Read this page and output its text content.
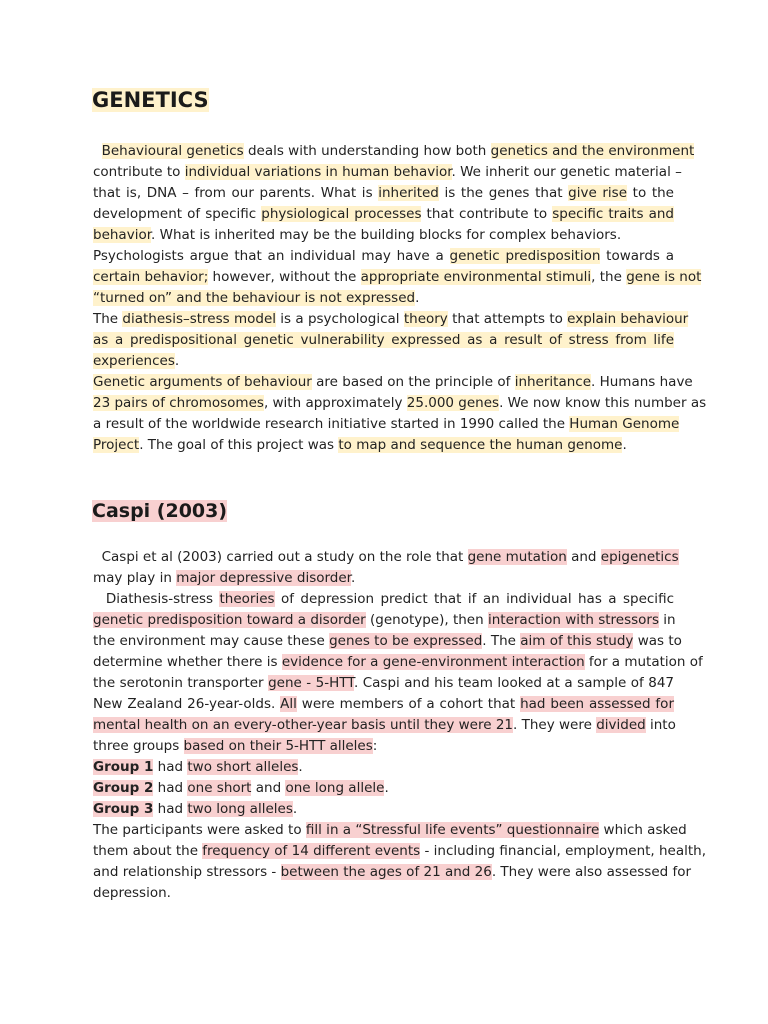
GENETICS
Behavioural genetics deals with understanding how both genetics and the environment
contribute to individual variations in human behavior. We inherit our genetic material –
that is, DNA – from our parents. What is inherited is the genes that give rise to the
development of specific physiological processes that contribute to specific traits and
behavior. What is inherited may be the building blocks for complex behaviors.
Psychologists argue that an individual may have a genetic predisposition towards a
certain behavior; however, without the appropriate environmental stimuli, the gene is not
“turned on” and the behaviour is not expressed.
The diathesis–stress model is a psychological theory that attempts to explain behaviour
as a predispositional genetic vulnerability expressed as a result of stress from life
experiences.
Genetic arguments of behaviour are based on the principle of inheritance. Humans have
23 pairs of chromosomes, with approximately 25.000 genes. We now know this number as
a result of the worldwide research initiative started in 1990 called the Human Genome
Project. The goal of this project was to map and sequence the human genome.
Caspi (2003)
Caspi et al (2003) carried out a study on the role that gene mutation and epigenetics
may play in major depressive disorder.
Diathesis-stress theories of depression predict that if an individual has a specific
genetic predisposition toward a disorder (genotype), then interaction with stressors in
the environment may cause these genes to be expressed. The aim of this study was to
determine whether there is evidence for a gene-environment interaction for a mutation of
the serotonin transporter gene - 5-HTT. Caspi and his team looked at a sample of 847
New Zealand 26-year-olds. All were members of a cohort that had been assessed for
mental health on an every-other-year basis until they were 21. They were divided into
three groups based on their 5-HTT alleles:
Group 1 had two short alleles.
Group 2 had one short and one long allele.
Group 3 had two long alleles.
The participants were asked to fill in a “Stressful life events” questionnaire which asked
them about the frequency of 14 different events - including financial, employment, health,
and relationship stressors - between the ages of 21 and 26. They were also assessed for
depression.
